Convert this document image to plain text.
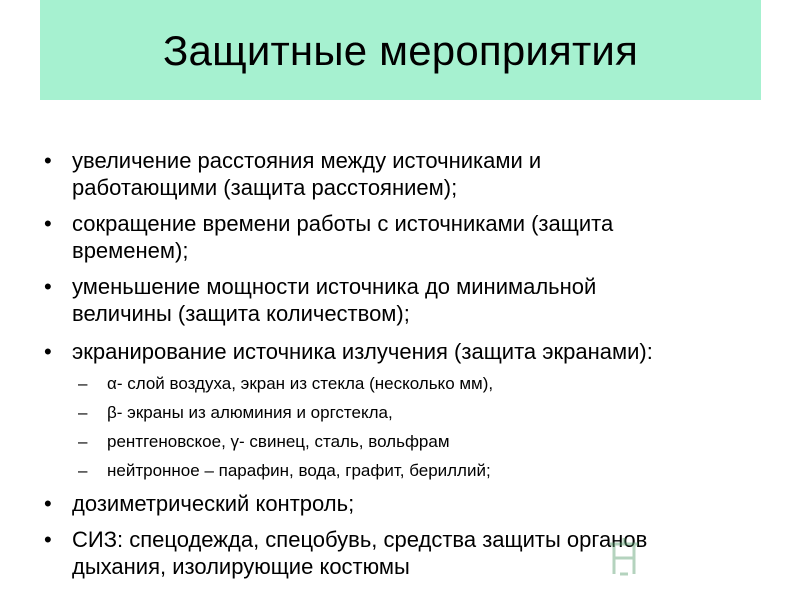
Защитные мероприятия
• увеличение расстояния между источниками и
работающими (защита расстоянием);
• сокращение времени работы с источниками (защита
временем);
• уменьшение мощности источника до минимальной
величины (защита количеством);
• экранирование источника излучения (защита экранами):
– α- слой воздуха, экран из стекла (несколько мм),
– β- экраны из алюминия и оргстекла,
– рентгеновское, γ- свинец, сталь, вольфрам
– нейтронное – парафин, вода, графит, бериллий;
• дозиметрический контроль;
• СИЗ: спецодежда, спецобувь, средства защиты органов
дыхания, изолирующие костюмы
